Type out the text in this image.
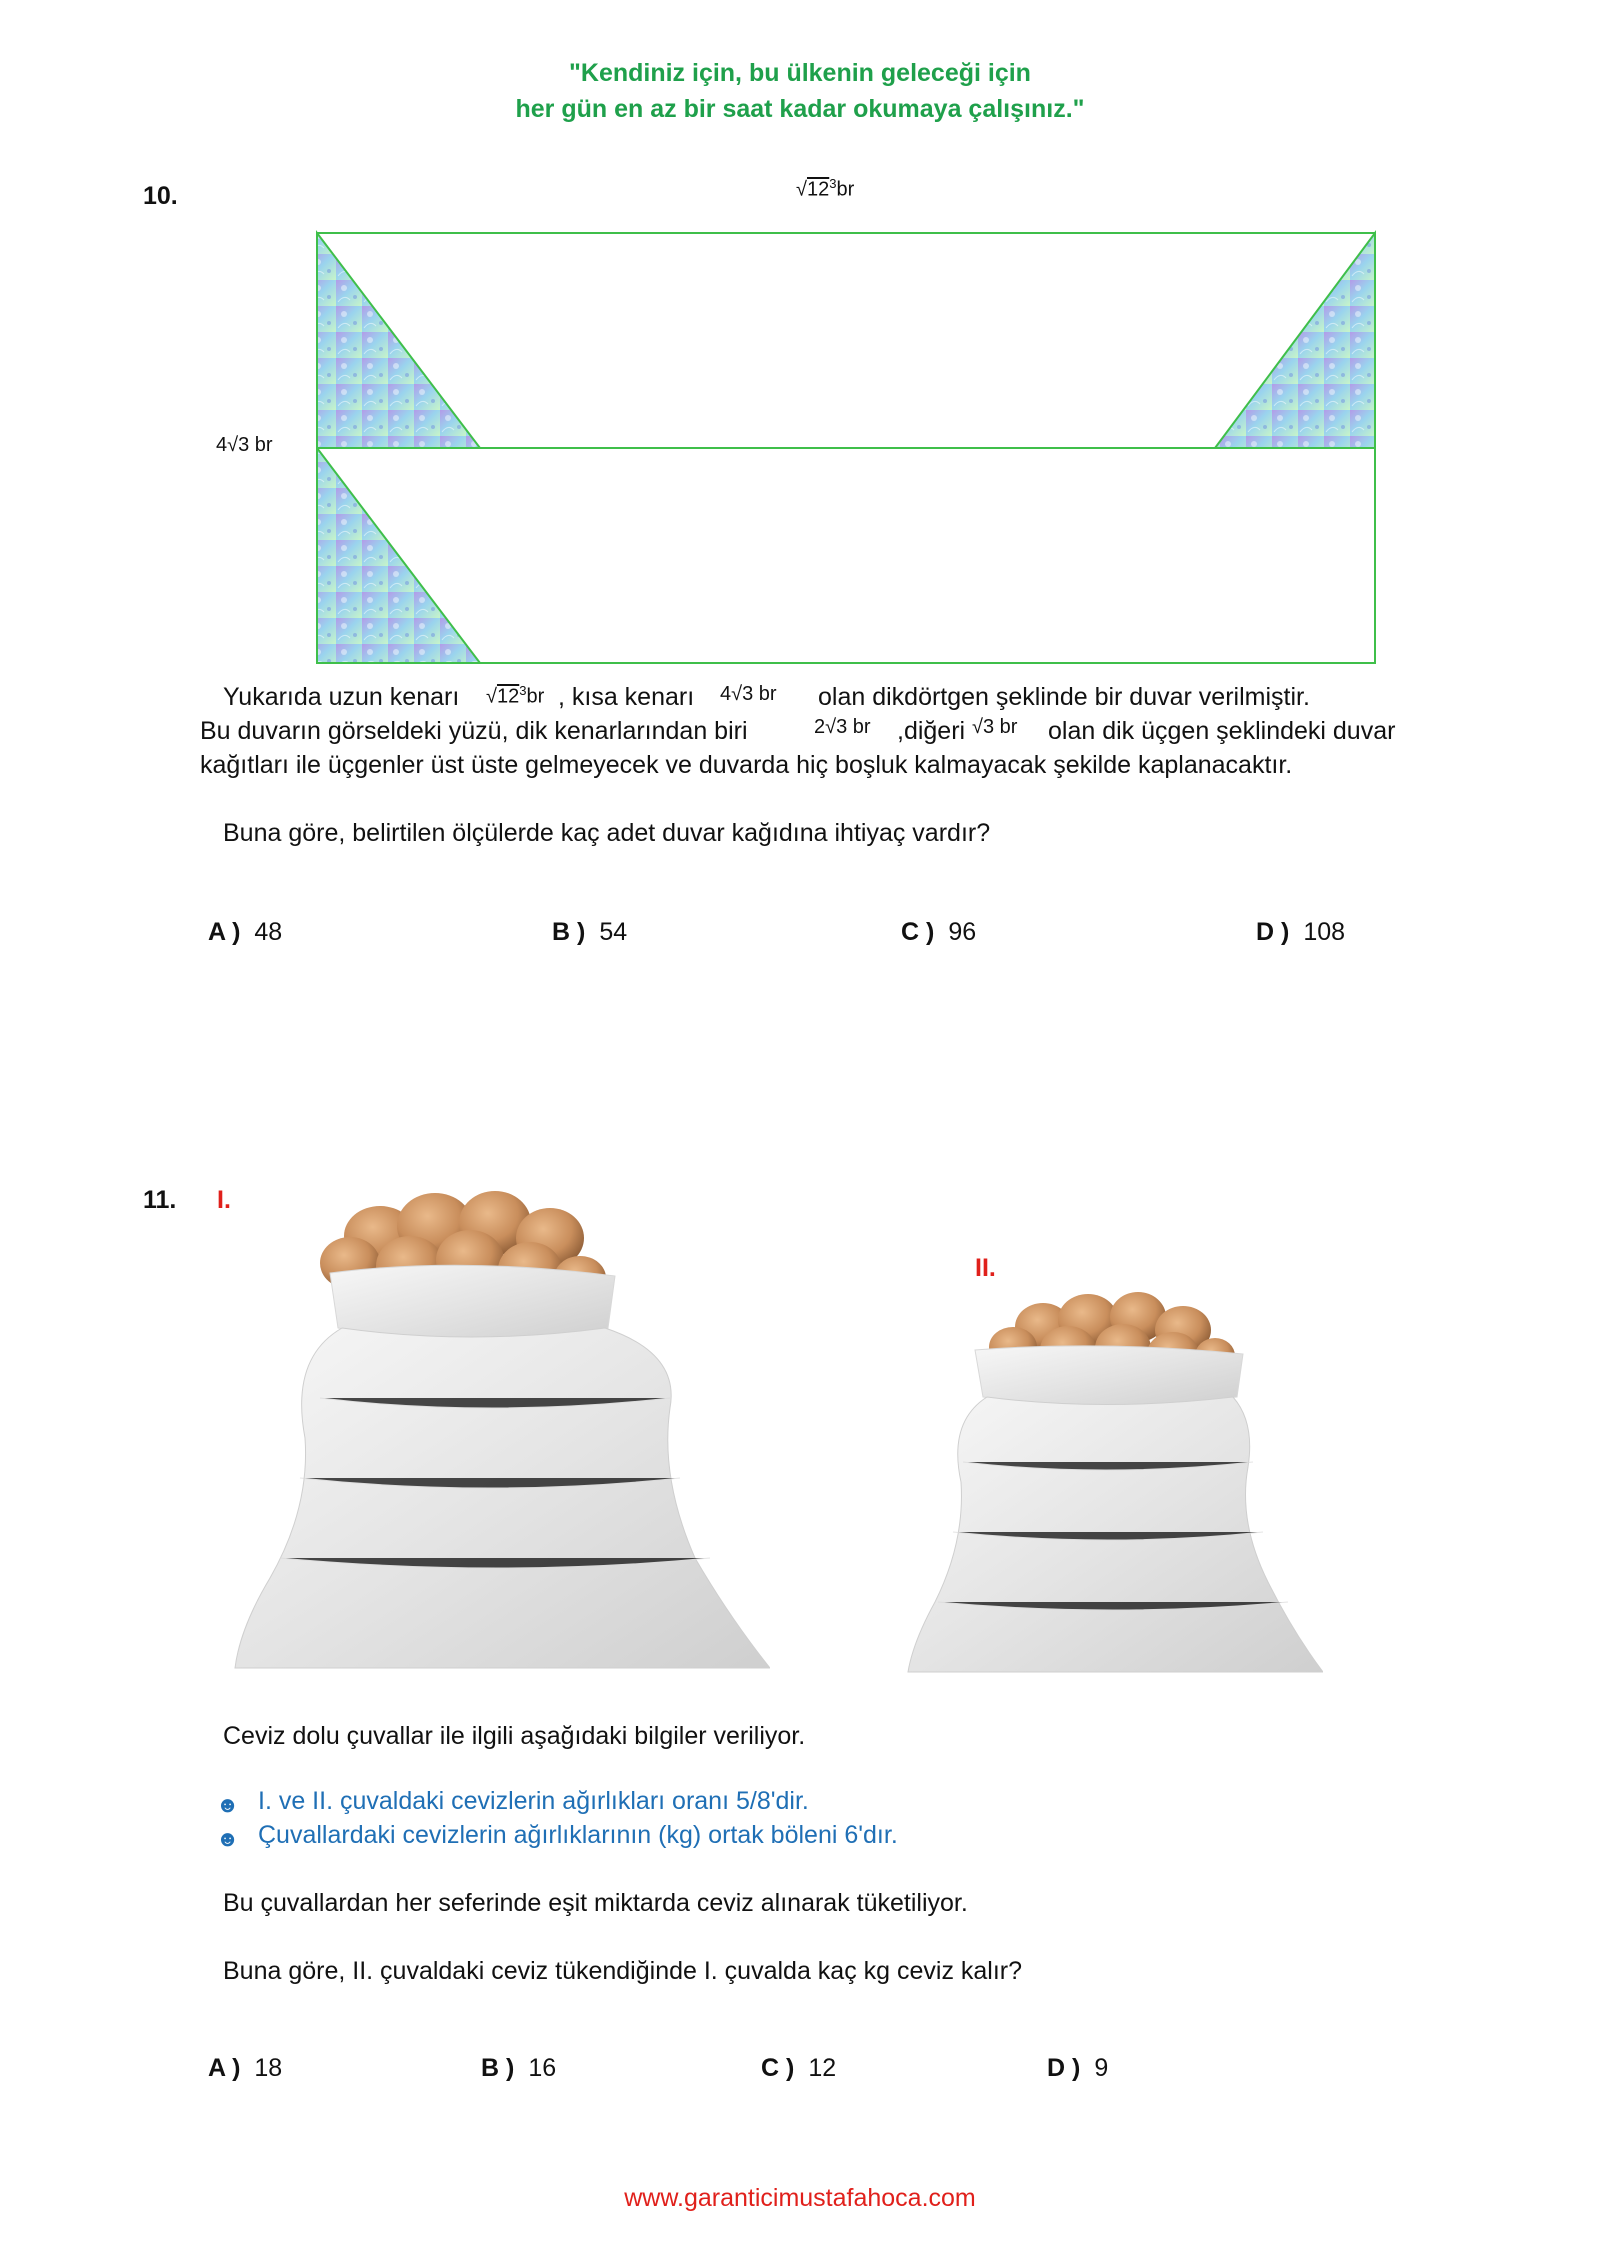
"Kendiniz için, bu ülkenin geleceği için
her gün en az bir saat kadar okumaya çalışınız."
10.	$√12^3br$
4√3 br
Yukarıda uzun kenarı $√12^3br$ , kısa kenarı 4√3 br olan dikdörtgen şeklinde bir duvar verilmiştir.
Bu duvarın görseldeki yüzü, dik kenarlarından biri	2√3 br ,diğeri √3 br olan dik üçgen şeklindeki duvar
kağıtları ile üçgenler üst üste gelmeyecek ve duvarda hiç boşluk kalmayacak şekilde kaplanacaktır.
Buna göre, belirtilen ölçülerde kaç adet duvar kağıdına ihtiyaç vardır?
A ) 48	B ) 54	C ) 96	D ) 108
11. I.
II.
Ceviz dolu çuvallar ile ilgili aşağıdaki bilgiler veriliyor.
☻ I. ve II. çuvaldaki cevizlerin ağırlıkları oranı 5/8'dir.
☻ Çuvallardaki cevizlerin ağırlıklarının (kg) ortak böleni 6'dır.
Bu çuvallardan her seferinde eşit miktarda ceviz alınarak tüketiliyor.
Buna göre, II. çuvaldaki ceviz tükendiğinde I. çuvalda kaç kg ceviz kalır?
A ) 18	B ) 16	C ) 12	D ) 9
www.garanticimustafahoca.com
